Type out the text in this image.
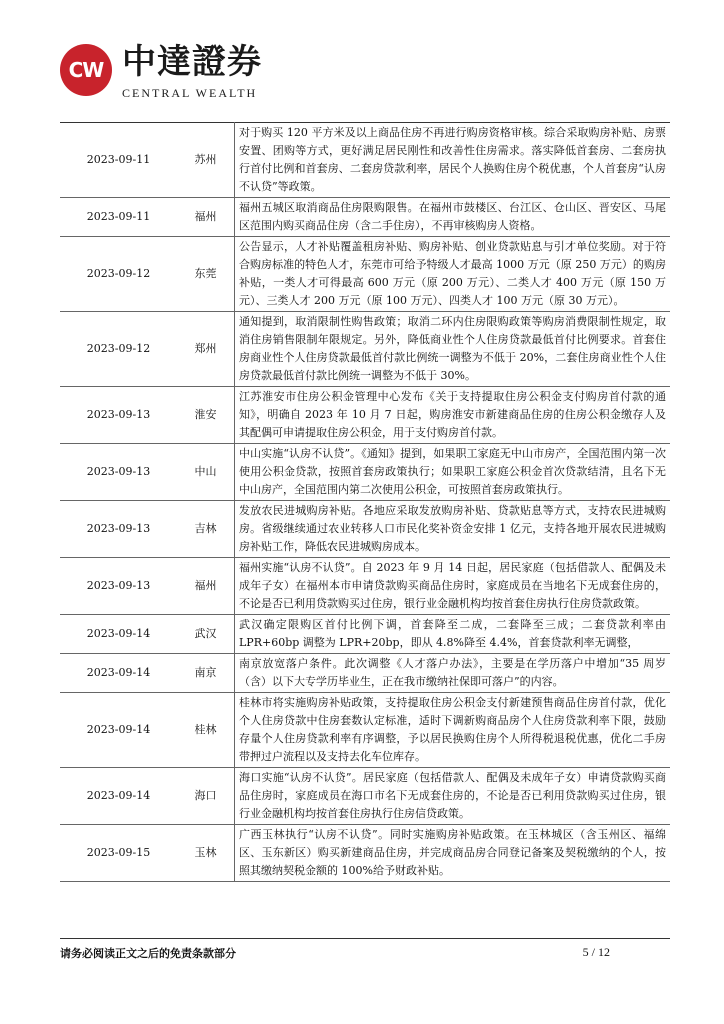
CW 中達證券
CENTRAL WEALTH
2023-09-11	苏州	对于购买 120 平方米及以上商品住房不再进行购房资格审核。综合采取购房补贴、房票安置、团购等方式，更好满足居民刚性和改善性住房需求。落实降低首套房、二套房执行首付比例和首套房、二套房贷款利率，居民个人换购住房个税优惠，个人首套房“认房不认贷”等政策。
2023-09-11	福州	福州五城区取消商品住房限购限售。在福州市鼓楼区、台江区、仓山区、晋安区、马尾区范围内购买商品住房（含二手住房），不再审核购房人资格。
2023-09-12	东莞	公告显示，人才补贴覆盖租房补贴、购房补贴、创业贷款贴息与引才单位奖励。对于符合购房标准的特色人才，东莞市可给予特级人才最高 1000 万元（原 250 万元）的购房补贴，一类人才可得最高 600 万元（原 200 万元）、二类人才 400 万元（原 150 万元）、三类人才 200 万元（原 100 万元）、四类人才 100 万元（原 30 万元）。
2023-09-12	郑州	通知提到，取消限制性购售政策；取消二环内住房限购政策等购房消费限制性规定，取消住房销售限制年限规定。另外，降低商业性个人住房贷款最低首付比例要求。首套住房商业性个人住房贷款最低首付款比例统一调整为不低于 20%，二套住房商业性个人住房贷款最低首付款比例统一调整为不低于 30%。
2023-09-13	淮安	江苏淮安市住房公积金管理中心发布《关于支持提取住房公积金支付购房首付款的通知》，明确自 2023 年 10 月 7 日起，购房淮安市新建商品住房的住房公积金缴存人及其配偶可申请提取住房公积金，用于支付购房首付款。
2023-09-13	中山	中山实施“认房不认贷”。《通知》提到，如果职工家庭无中山市房产，全国范围内第一次使用公积金贷款，按照首套房政策执行；如果职工家庭公积金首次贷款结清，且名下无中山房产，全国范围内第二次使用公积金，可按照首套房政策执行。
2023-09-13	吉林	发放农民进城购房补贴。各地应采取发放购房补贴、贷款贴息等方式，支持农民进城购房。省级继续通过农业转移人口市民化奖补资金安排 1 亿元，支持各地开展农民进城购房补贴工作，降低农民进城购房成本。
2023-09-13	福州	福州实施“认房不认贷”。自 2023 年 9 月 14 日起，居民家庭（包括借款人、配偶及未成年子女）在福州本市申请贷款购买商品住房时，家庭成员在当地名下无成套住房的，不论是否已利用贷款购买过住房，银行业金融机构均按首套住房执行住房贷款政策。
2023-09-14	武汉	武汉确定限购区首付比例下调，首套降至二成，二套降至三成；二套贷款利率由 LPR+60bp 调整为 LPR+20bp，即从 4.8%降至 4.4%，首套贷款利率无调整，
2023-09-14	南京	南京放宽落户条件。此次调整《人才落户办法》，主要是在学历落户中增加“35 周岁（含）以下大专学历毕业生，正在我市缴纳社保即可落户”的内容。
2023-09-14	桂林	桂林市将实施购房补贴政策，支持提取住房公积金支付新建预售商品住房首付款，优化个人住房贷款中住房套数认定标准，适时下调新购商品房个人住房贷款利率下限，鼓励存量个人住房贷款利率有序调整，予以居民换购住房个人所得税退税优惠，优化二手房带押过户流程以及支持去化车位库存。
2023-09-14	海口	海口实施“认房不认贷”。居民家庭（包括借款人、配偶及未成年子女）申请贷款购买商品住房时，家庭成员在海口市名下无成套住房的，不论是否已利用贷款购买过住房，银行业金融机构均按首套住房执行住房信贷政策。
2023-09-15	玉林	广西玉林执行“认房不认贷”。同时实施购房补贴政策。在玉林城区（含玉州区、福绵区、玉东新区）购买新建商品住房，并完成商品房合同登记备案及契税缴纳的个人，按照其缴纳契税金额的 100%给予财政补贴。
请务必阅读正文之后的免责条款部分	5 / 12
